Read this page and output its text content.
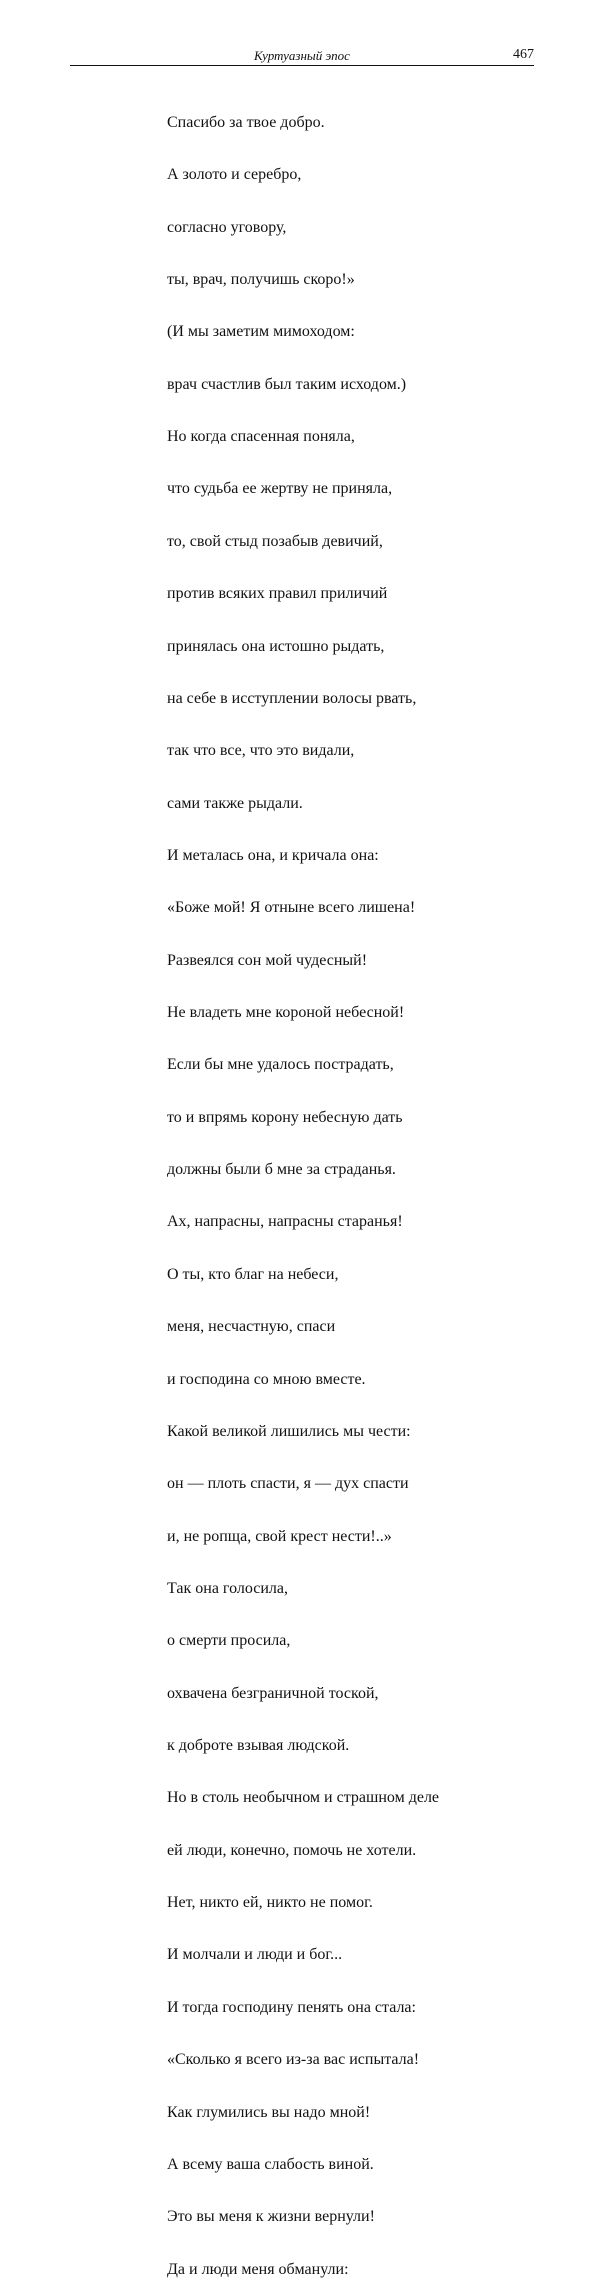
Куртуазный эпос	467

Спасибо за твое добро.

А золото и серебро,

согласно уговору,

ты, врач, получишь скоро!»

(И мы заметим мимоходом:

врач счастлив был таким исходом.)

Но когда спасенная поняла,

что судьба ее жертву не приняла,

то, свой стыд позабыв девичий,

против всяких правил приличий

принялась она истошно рыдать,

на себе в исступлении волосы рвать,

так что все, что это видали,

сами также рыдали.

И металась она, и кричала она:

«Боже мой! Я отныне всего лишена!

Развеялся сон мой чудесный!

Не владеть мне короной небесной!

Если бы мне удалось пострадать,

то и впрямь корону небесную дать

должны были б мне за страданья.

Ах, напрасны, напрасны старанья!

О ты, кто благ на небеси,

меня, несчастную, спаси

и господина со мною вместе.

Какой великой лишились мы чести:

он — плоть спасти, я — дух спасти

и, не ропща, свой крест нести!..»

Так она голосила,

о смерти просила,

охвачена безграничной тоской,

к доброте взывая людской.

Но в столь необычном и страшном деле

ей люди, конечно, помочь не хотели.

Нет, никто ей, никто не помог.

И молчали и люди и бог...

И тогда господину пенять она стала:

«Сколько я всего из-за вас испытала!

Как глумились вы надо мной!

А всему ваша слабость виной.

Это вы меня к жизни вернули!

Да и люди меня обманули:
